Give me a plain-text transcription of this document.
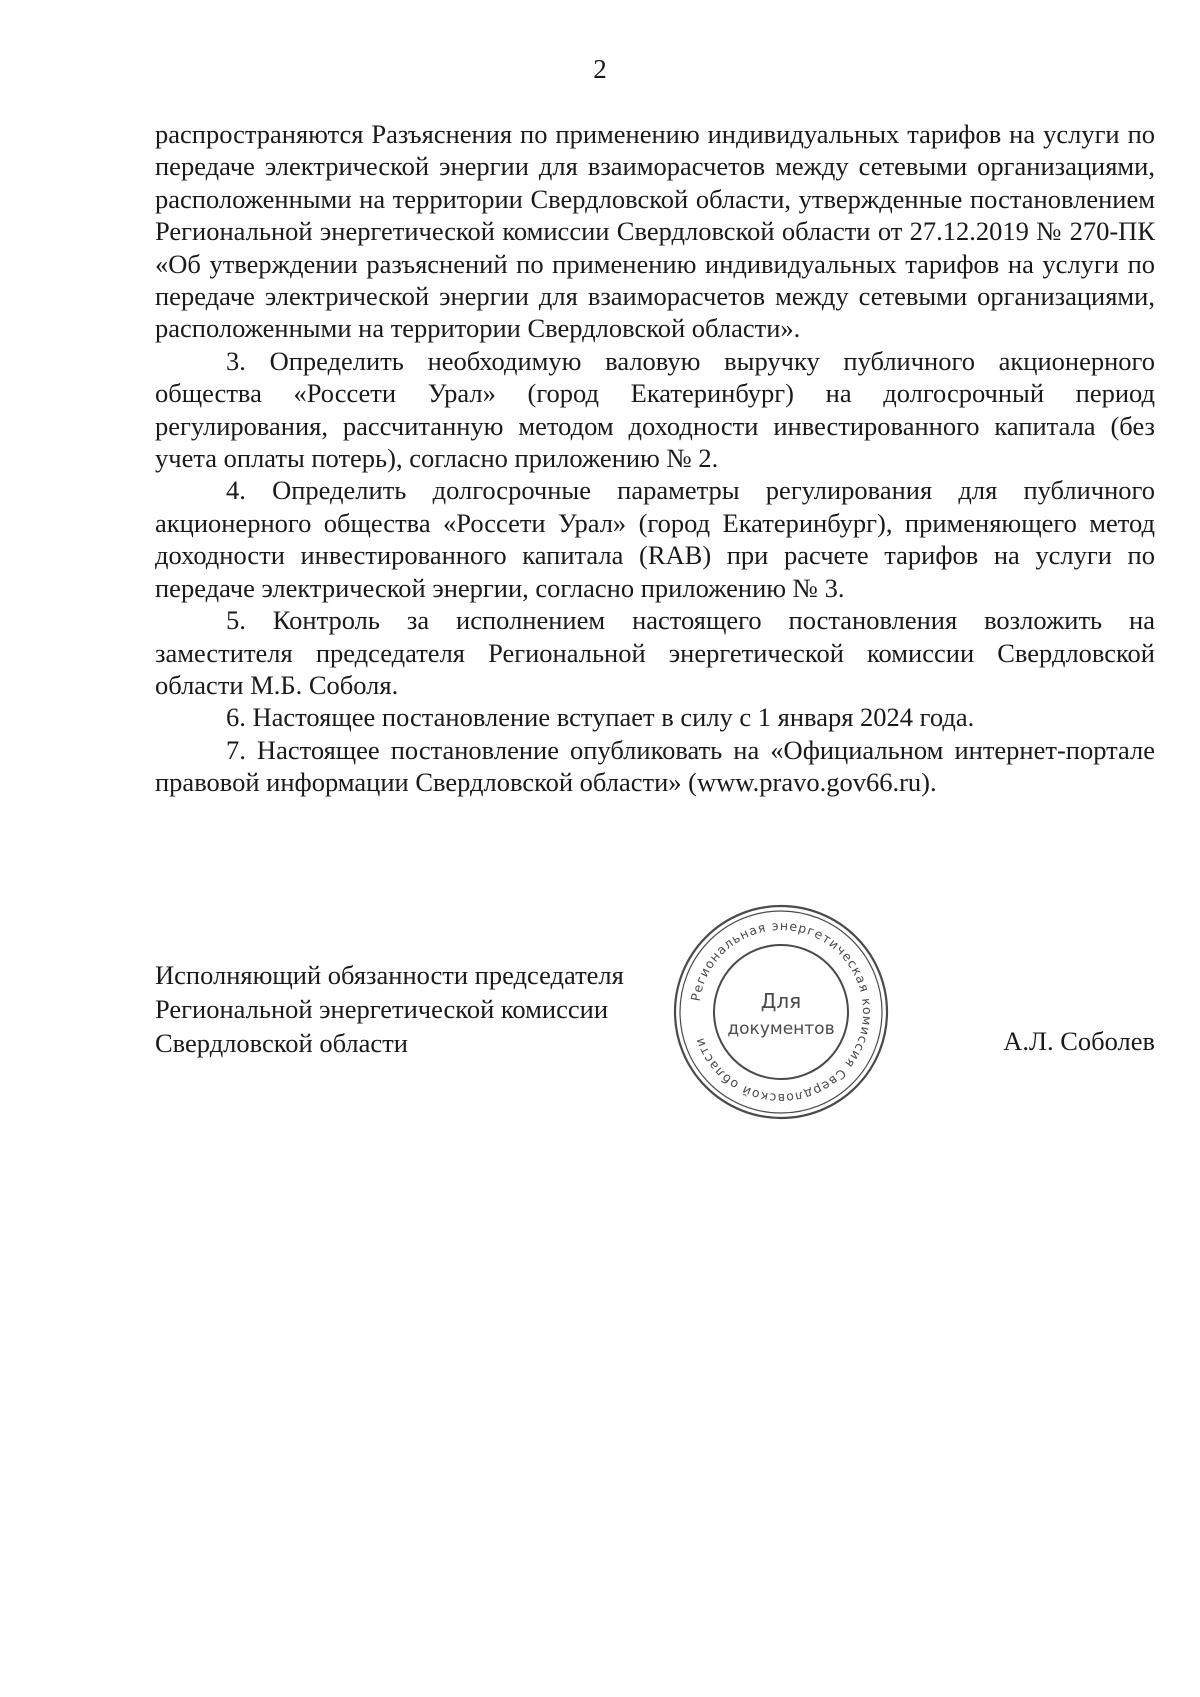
2

распространяются Разъяснения по применению индивидуальных тарифов на услуги по передаче электрической энергии для взаиморасчетов между сетевыми организациями, расположенными на территории Свердловской области, утвержденные постановлением Региональной энергетической комиссии Свердловской области от 27.12.2019 № 270-ПК «Об утверждении разъяснений по применению индивидуальных тарифов на услуги по передаче электрической энергии для взаиморасчетов между сетевыми организациями, расположенными на территории Свердловской области».

3. Определить необходимую валовую выручку публичного акционерного общества «Россети Урал» (город Екатеринбург) на долгосрочный период регулирования, рассчитанную методом доходности инвестированного капитала (без учета оплаты потерь), согласно приложению № 2.

4. Определить долгосрочные параметры регулирования для публичного акционерного общества «Россети Урал» (город Екатеринбург), применяющего метод доходности инвестированного капитала (RAB) при расчете тарифов на услуги по передаче электрической энергии, согласно приложению № 3.

5. Контроль за исполнением настоящего постановления возложить на заместителя председателя Региональной энергетической комиссии Свердловской области М.Б. Соболя.

6. Настоящее постановление вступает в силу с 1 января 2024 года.

7. Настоящее постановление опубликовать на «Официальном интернет-портале правовой информации Свердловской области» (www.pravo.gov66.ru).

Исполняющий обязанности председателя
Региональной энергетической комиссии
Свердловской области
Региональная энергетическая комиссия Свердловской области
Для
документов	А.Л. Соболев
